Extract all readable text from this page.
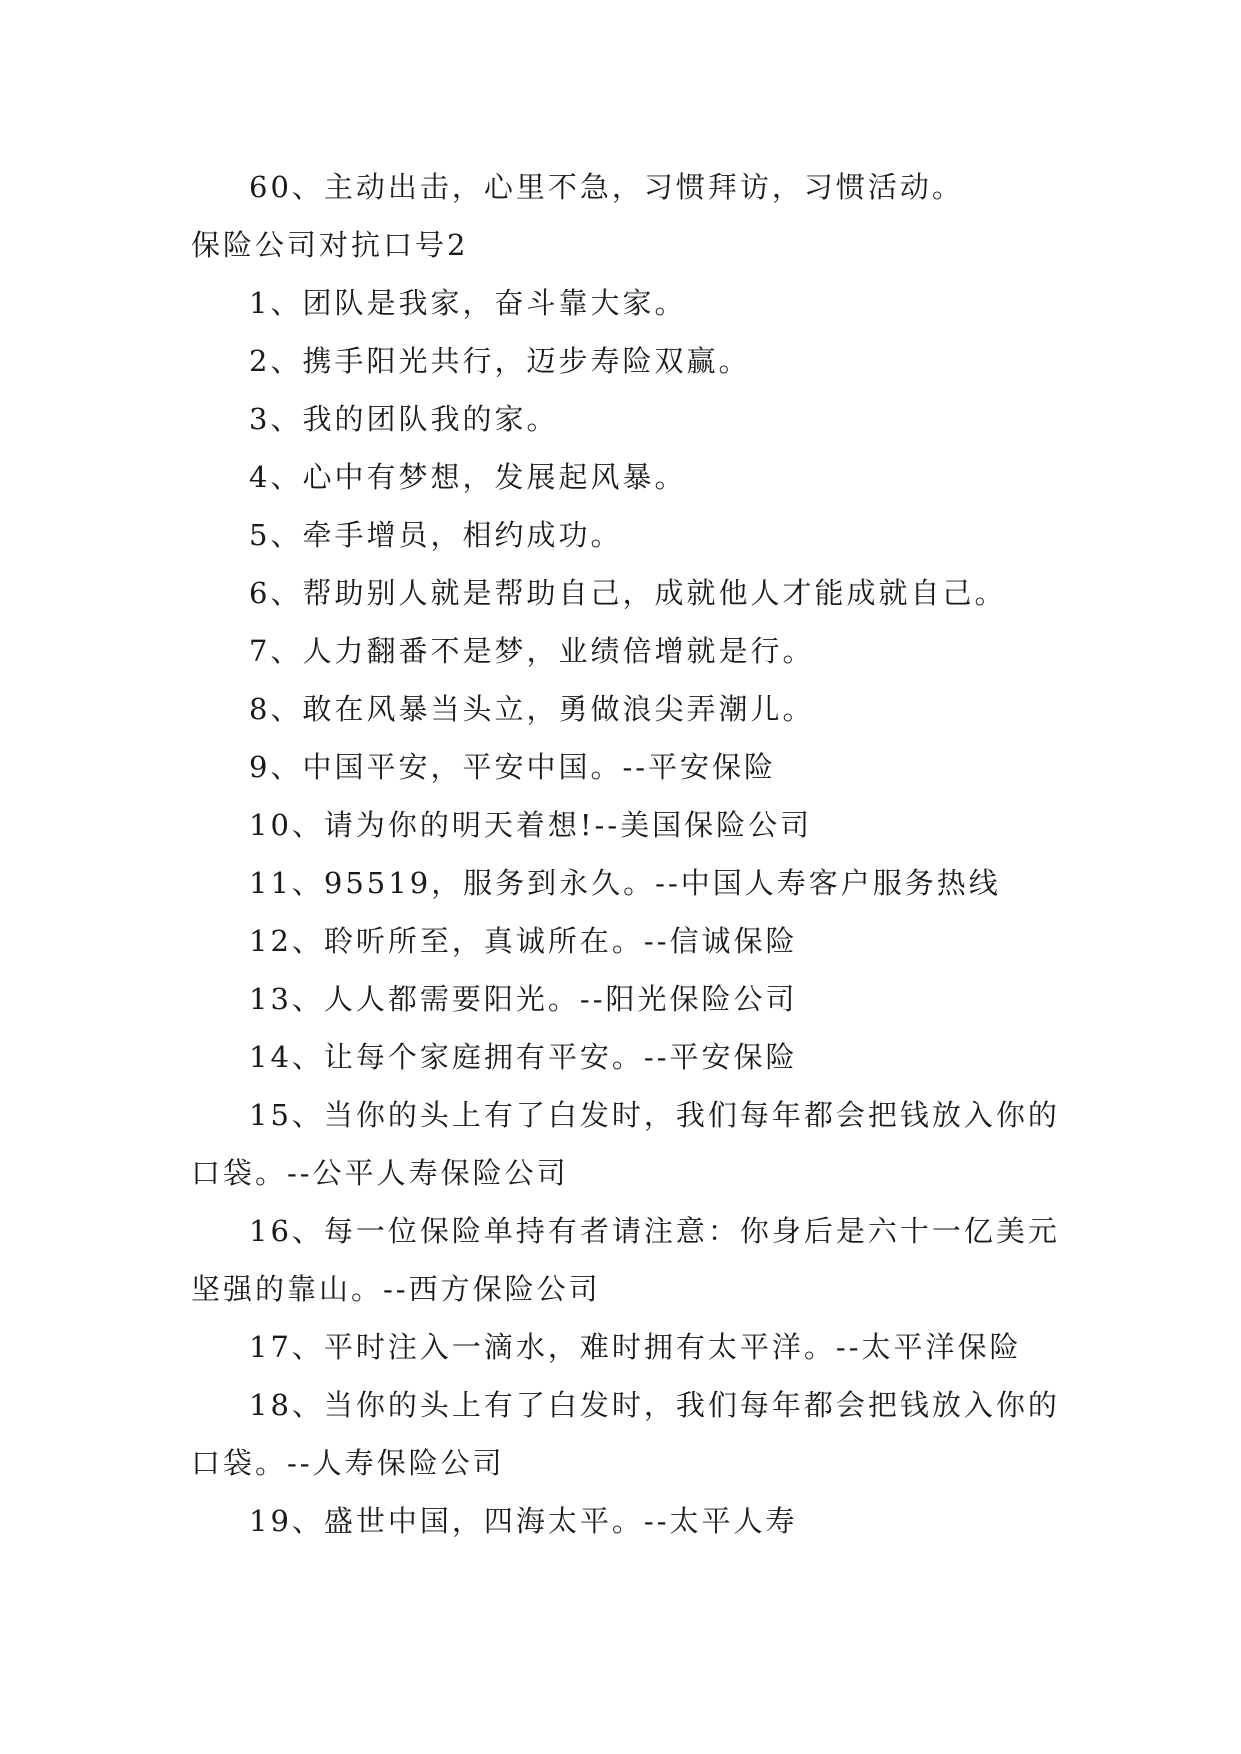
60、主动出击，心里不急，习惯拜访，习惯活动。

保险公司对抗口号2

1、团队是我家，奋斗靠大家。

2、携手阳光共行，迈步寿险双赢。

3、我的团队我的家。

4、心中有梦想，发展起风暴。

5、牵手增员，相约成功。

6、帮助别人就是帮助自己，成就他人才能成就自己。

7、人力翻番不是梦，业绩倍增就是行。

8、敢在风暴当头立，勇做浪尖弄潮儿。

9、中国平安，平安中国。--平安保险

10、请为你的明天着想!--美国保险公司

11、95519，服务到永久。--中国人寿客户服务热线

12、聆听所至，真诚所在。--信诚保险

13、人人都需要阳光。--阳光保险公司

14、让每个家庭拥有平安。--平安保险

15、当你的头上有了白发时，我们每年都会把钱放入你的口袋。--公平人寿保险公司

16、每一位保险单持有者请注意：你身后是六十一亿美元坚强的靠山。--西方保险公司

17、平时注入一滴水，难时拥有太平洋。--太平洋保险

18、当你的头上有了白发时，我们每年都会把钱放入你的口袋。--人寿保险公司

19、盛世中国，四海太平。--太平人寿
